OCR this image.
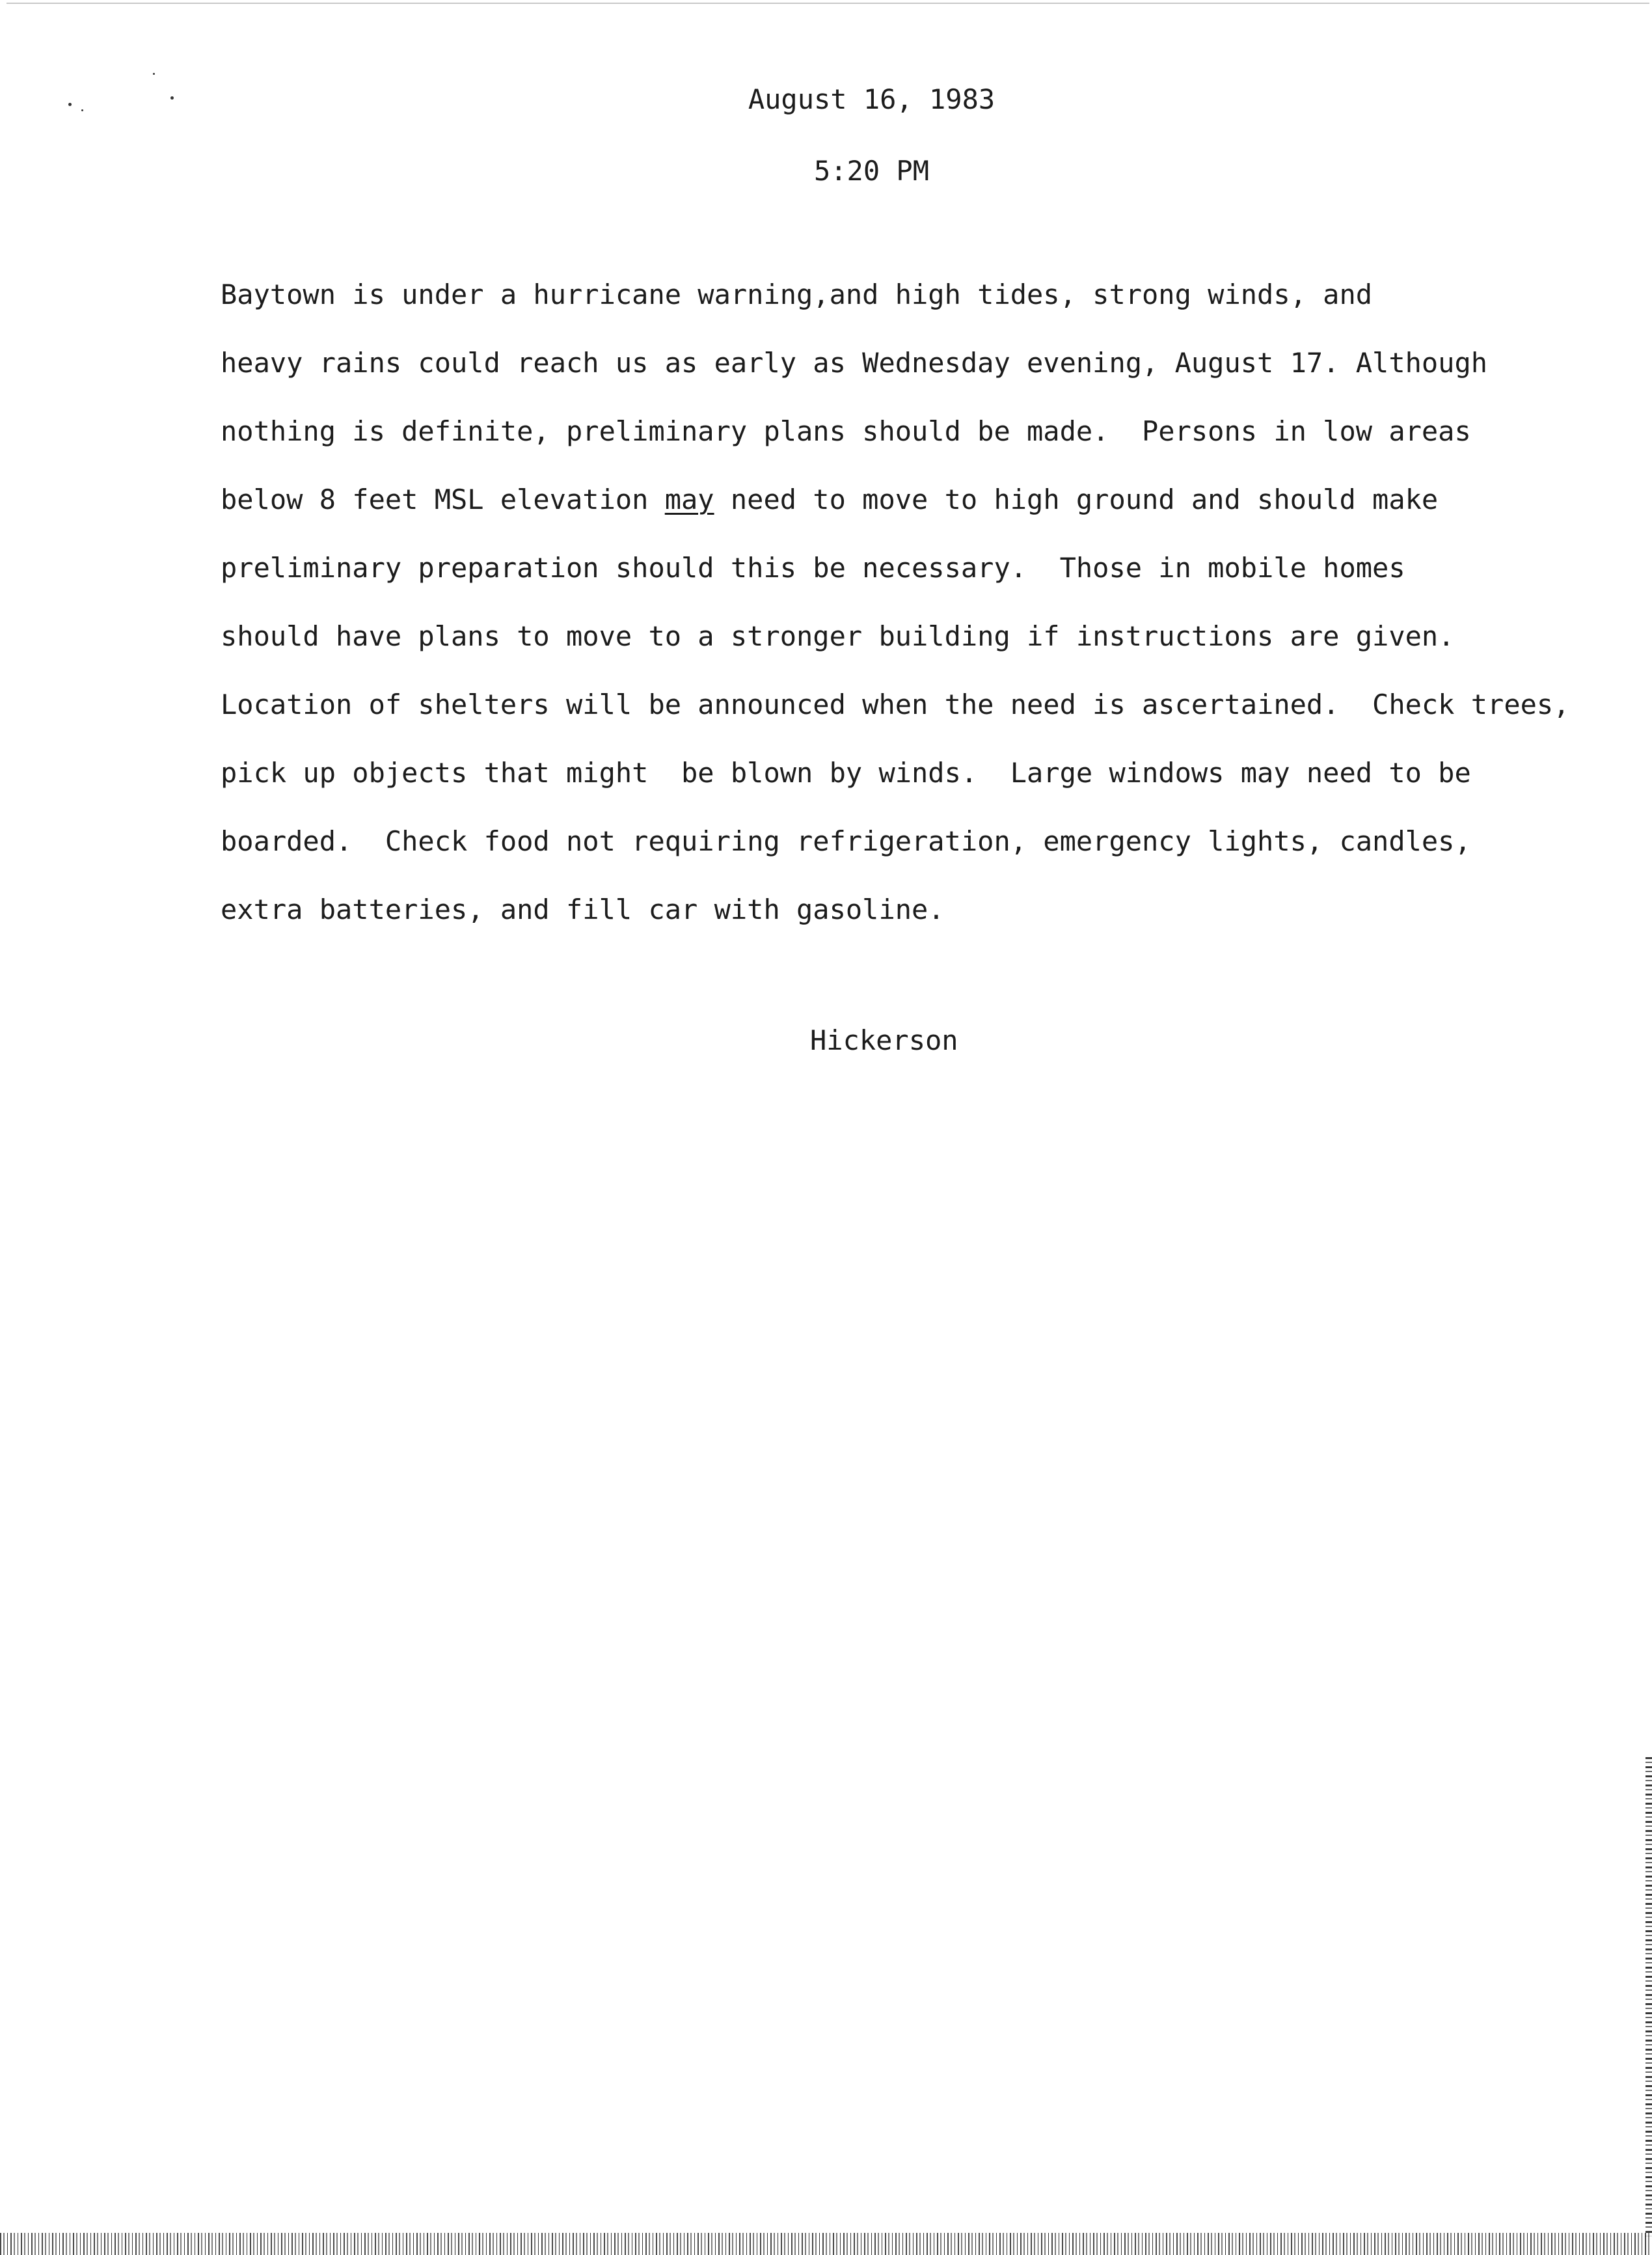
August 16, 1983

5:20 PM

Baytown is under a hurricane warning,and high tides, strong winds, and
heavy rains could reach us as early as Wednesday evening, August 17. Although
nothing is definite, preliminary plans should be made.  Persons in low areas
below 8 feet MSL elevation may need to move to high ground and should make
preliminary preparation should this be necessary.  Those in mobile homes
should have plans to move to a stronger building if instructions are given.
Location of shelters will be announced when the need is ascertained.  Check trees,
pick up objects that might  be blown by winds.  Large windows may need to be
boarded.  Check food not requiring refrigeration, emergency lights, candles,
extra batteries, and fill car with gasoline.

Hickerson
